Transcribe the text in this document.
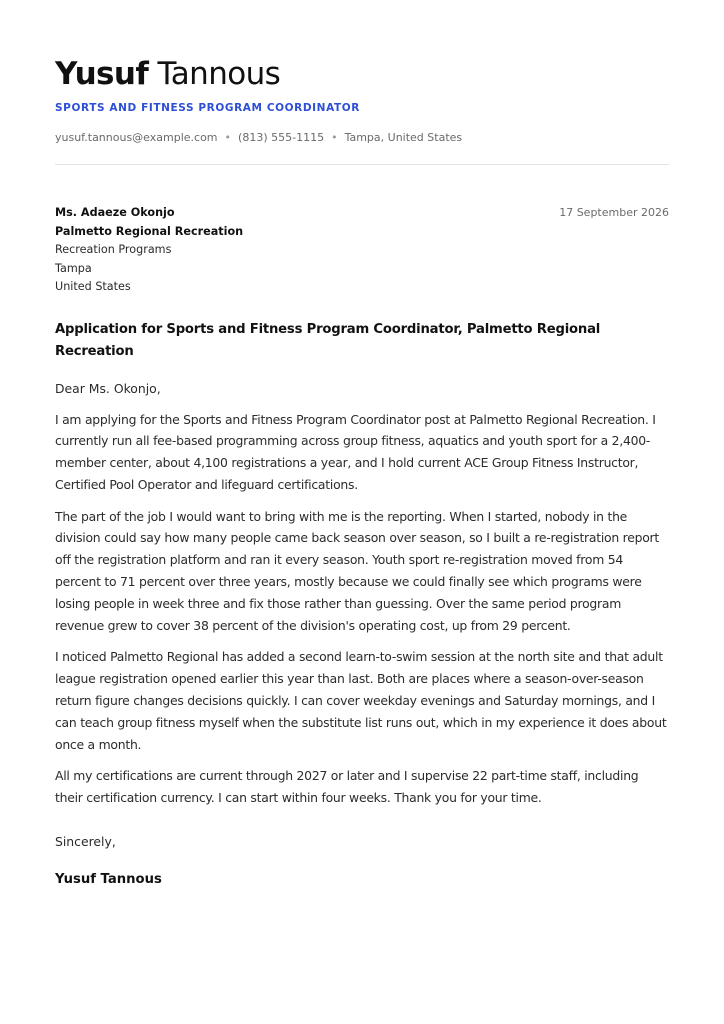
Yusuf Tannous
SPORTS AND FITNESS PROGRAM COORDINATOR
yusuf.tannous@example.com • (813) 555-1115 • Tampa, United States
Ms. Adaeze Okonjo
Palmetto Regional Recreation
Recreation Programs
Tampa
United States
17 September 2026
Application for Sports and Fitness Program Coordinator, Palmetto Regional Recreation
Dear Ms. Okonjo,
I am applying for the Sports and Fitness Program Coordinator post at Palmetto Regional Recreation. I currently run all fee-based programming across group fitness, aquatics and youth sport for a 2,400-member center, about 4,100 registrations a year, and I hold current ACE Group Fitness Instructor, Certified Pool Operator and lifeguard certifications.
The part of the job I would want to bring with me is the reporting. When I started, nobody in the division could say how many people came back season over season, so I built a re-registration report off the registration platform and ran it every season. Youth sport re-registration moved from 54 percent to 71 percent over three years, mostly because we could finally see which programs were losing people in week three and fix those rather than guessing. Over the same period program revenue grew to cover 38 percent of the division's operating cost, up from 29 percent.
I noticed Palmetto Regional has added a second learn-to-swim session at the north site and that adult league registration opened earlier this year than last. Both are places where a season-over-season return figure changes decisions quickly. I can cover weekday evenings and Saturday mornings, and I can teach group fitness myself when the substitute list runs out, which in my experience it does about once a month.
All my certifications are current through 2027 or later and I supervise 22 part-time staff, including their certification currency. I can start within four weeks. Thank you for your time.
Sincerely,
Yusuf Tannous
